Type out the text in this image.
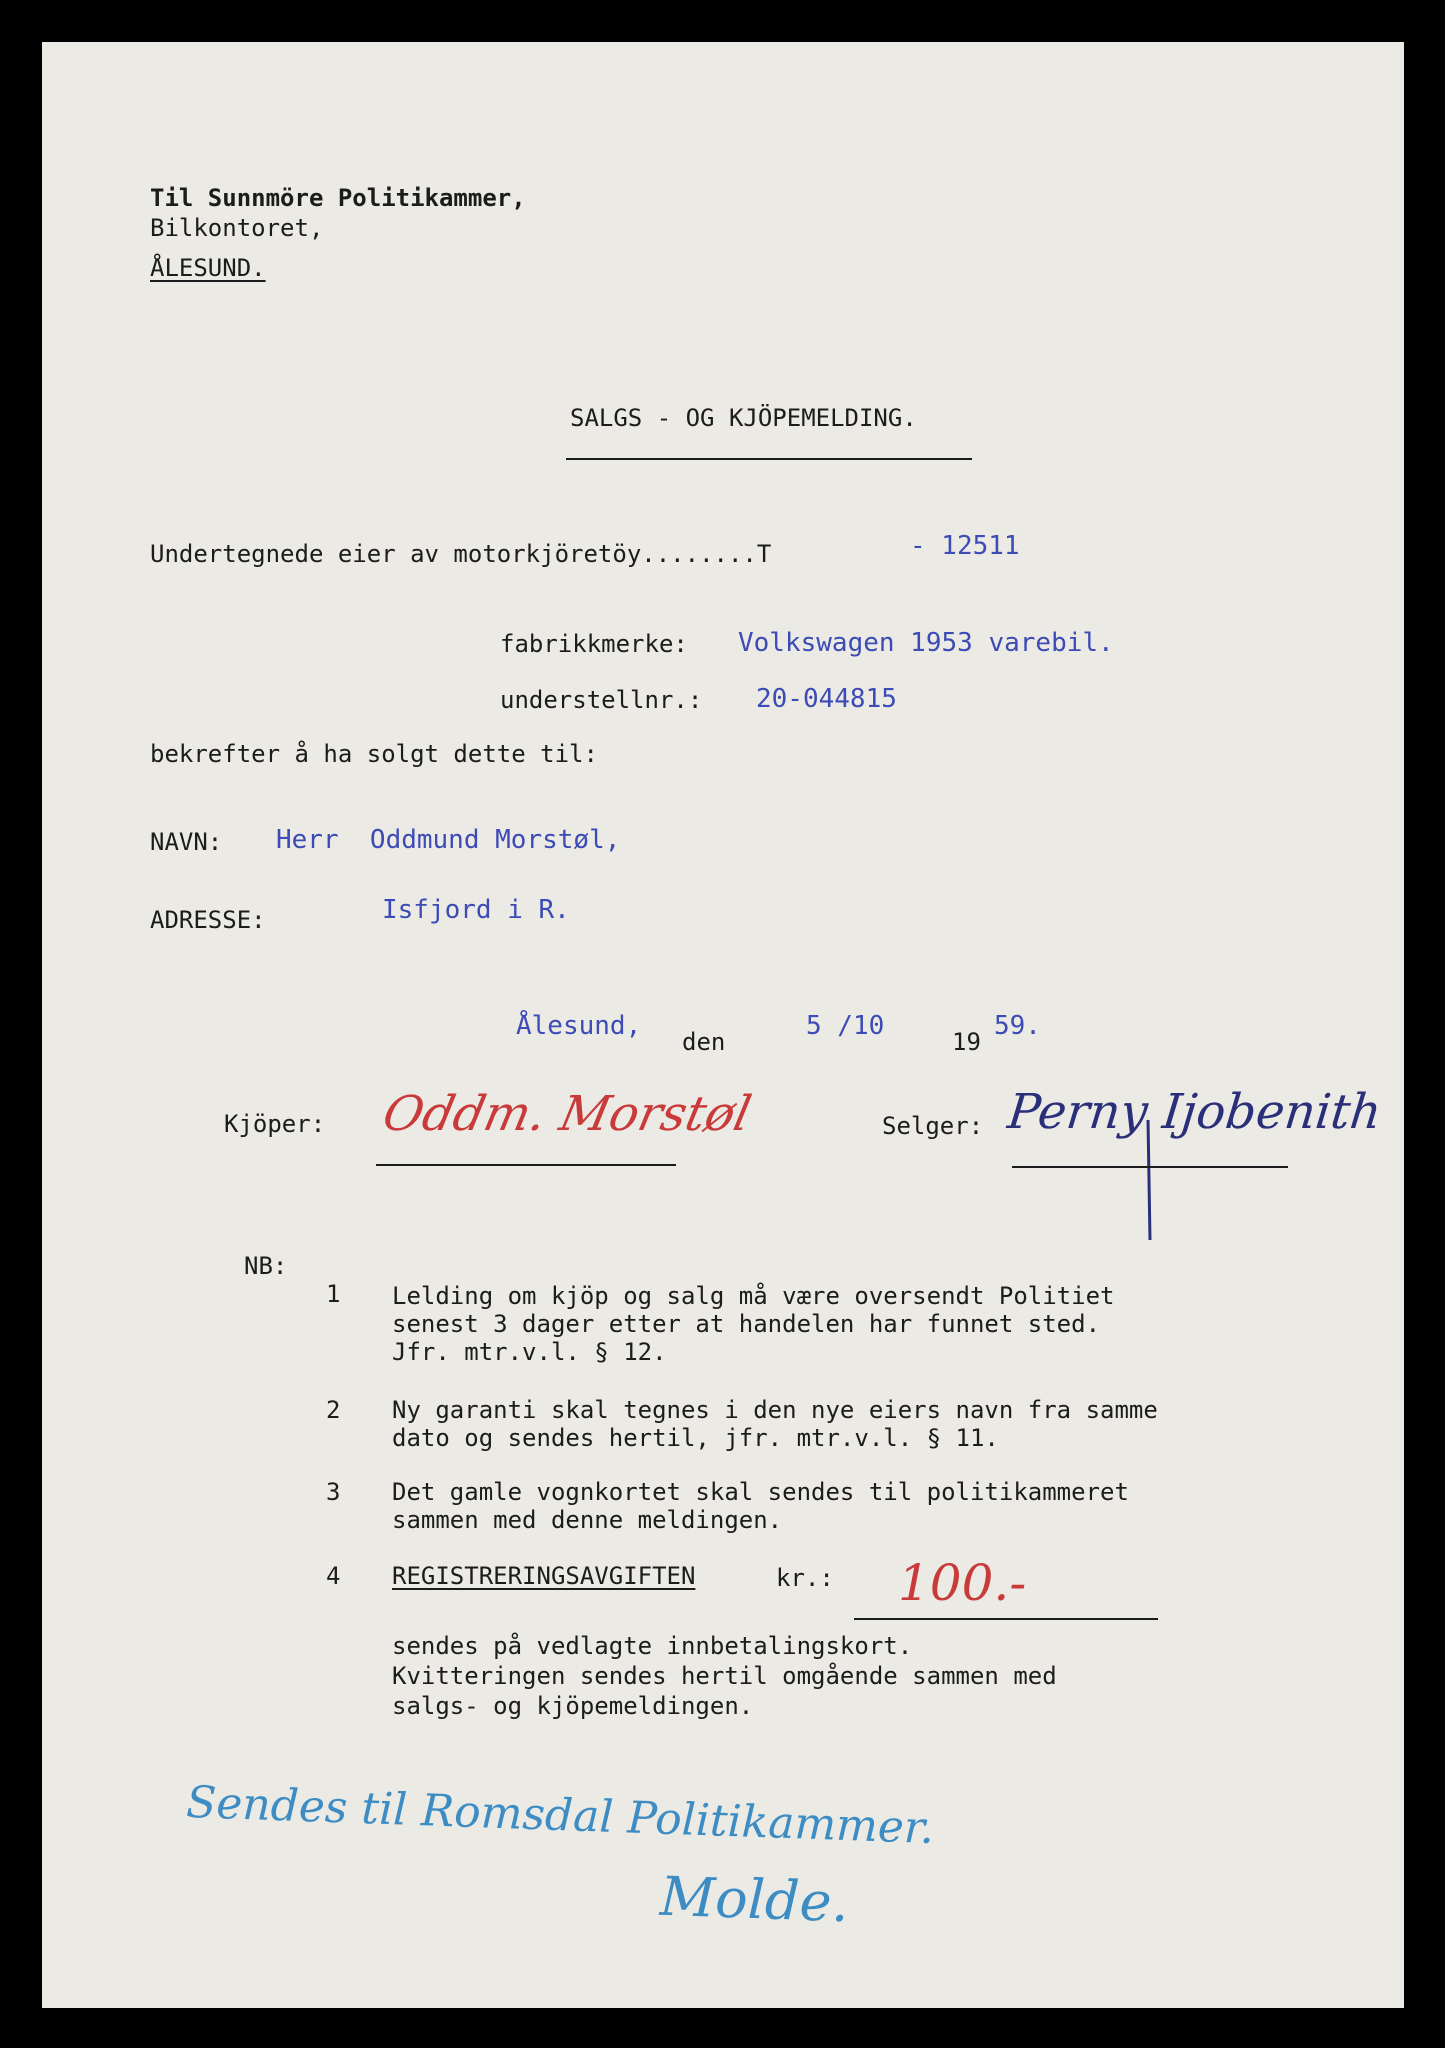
Til Sunnmöre Politikammer,
Bilkontoret,
ÅLESUND.
SALGS - OG KJÖPEMELDING.
Undertegnede eier av motorkjöretöy........T	- 12511
fabrikkmerke: Volkswagen 1953 varebil.
understellnr.: 20-044815
bekrefter å ha solgt dette til:
NAVN: Herr  Oddmund Morstøl,
ADRESSE:	Isfjord i R.
Ålesund,
den
5 /10
19
59.
Kjöper: Oddm. Morstøl	Selger: Perny Ijobenith
NB:
1 Lelding om kjöp og salg må være oversendt Politiet
senest 3 dager etter at handelen har funnet sted.
Jfr. mtr.v.l. § 12.
2 Ny garanti skal tegnes i den nye eiers navn fra samme
dato og sendes hertil, jfr. mtr.v.l. § 11.
3 Det gamle vognkortet skal sendes til politikammeret
sammen med denne meldingen.
4 REGISTRERINGSAVGIFTEN	kr.: 100.-
sendes på vedlagte innbetalingskort.
Kvitteringen sendes hertil omgående sammen med
salgs- og kjöpemeldingen.
Sendes til Romsdal Politikammer.
Molde.
